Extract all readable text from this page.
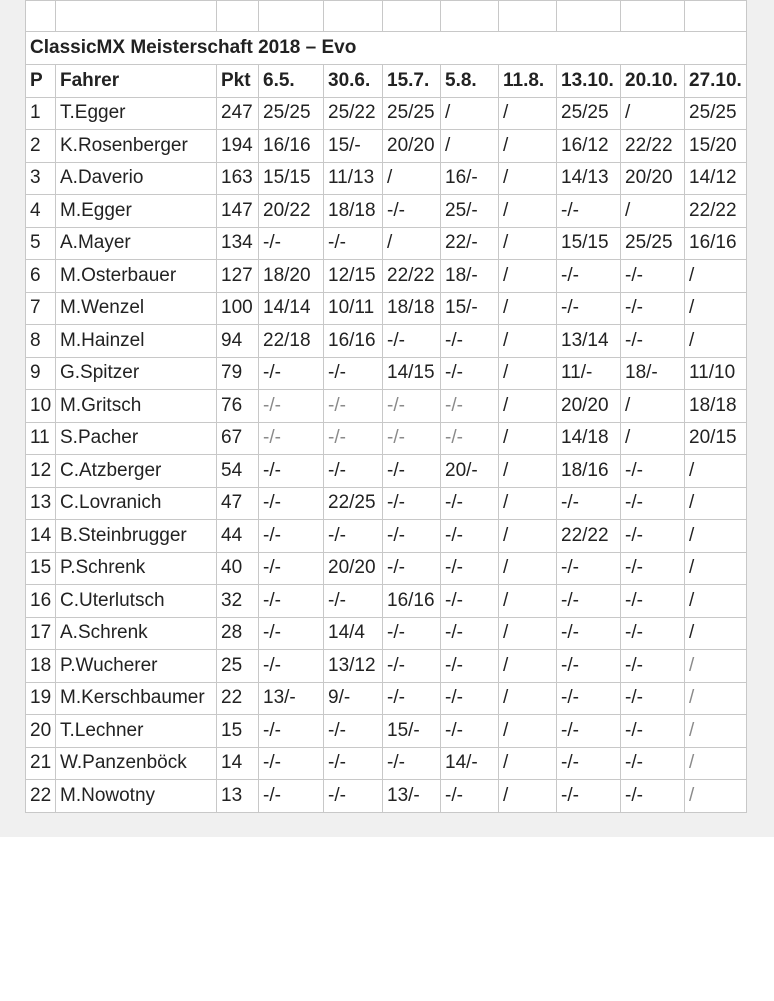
ClassicMX Meisterschaft 2018 – Evo										
P	Fahrer	Pkt	6.5.	30.6.	15.7.	5.8.	11.8.	13.10.	20.10.	27.10.
1	T.Egger	247	25/25	25/22	25/25	/	/	25/25	/	25/25
2	K.Rosenberger	194	16/16	15/-	20/20	/	/	16/12	22/22	15/20
3	A.Daverio	163	15/15	11/13	/	16/-	/	14/13	20/20	14/12
4	M.Egger	147	20/22	18/18	-/-	25/-	/	-/-	/	22/22
5	A.Mayer	134	-/-	-/-	/	22/-	/	15/15	25/25	16/16
6	M.Osterbauer	127	18/20	12/15	22/22	18/-	/	-/-	-/-	/
7	M.Wenzel	100	14/14	10/11	18/18	15/-	/	-/-	-/-	/
8	M.Hainzel	94	22/18	16/16	-/-	-/-	/	13/14	-/-	/
9	G.Spitzer	79	-/-	-/-	14/15	-/-	/	11/-	18/-	11/10
10	M.Gritsch	76	-/-	-/-	-/-	-/-	/	20/20	/	18/18
11	S.Pacher	67	-/-	-/-	-/-	-/-	/	14/18	/	20/15
12	C.Atzberger	54	-/-	-/-	-/-	20/-	/	18/16	-/-	/
13	C.Lovranich	47	-/-	22/25	-/-	-/-	/	-/-	-/-	/
14	B.Steinbrugger	44	-/-	-/-	-/-	-/-	/	22/22	-/-	/
15	P.Schrenk	40	-/-	20/20	-/-	-/-	/	-/-	-/-	/
16	C.Uterlutsch	32	-/-	-/-	16/16	-/-	/	-/-	-/-	/
17	A.Schrenk	28	-/-	14/4	-/-	-/-	/	-/-	-/-	/
18	P.Wucherer	25	-/-	13/12	-/-	-/-	/	-/-	-/-	/
19	M.Kerschbaumer	22	13/-	9/-	-/-	-/-	/	-/-	-/-	/
20	T.Lechner	15	-/-	-/-	15/-	-/-	/	-/-	-/-	/
21	W.Panzenböck	14	-/-	-/-	-/-	14/-	/	-/-	-/-	/
22	M.Nowotny	13	-/-	-/-	13/-	-/-	/	-/-	-/-	/
